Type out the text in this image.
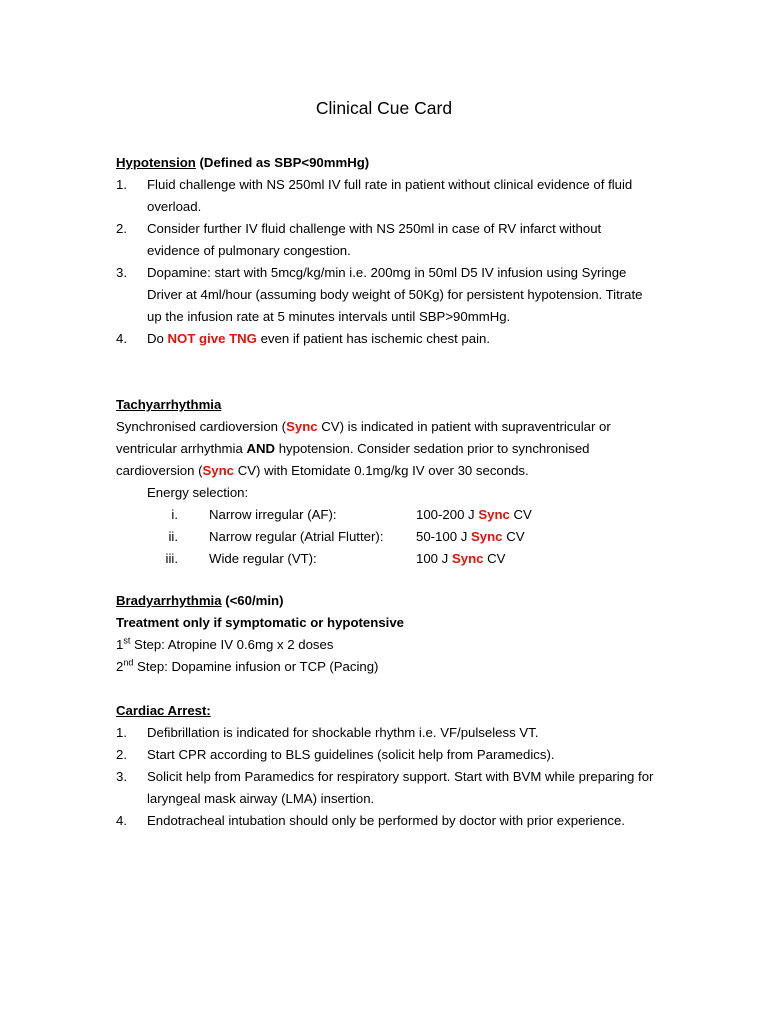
Clinical Cue Card
Hypotension (Defined as SBP<90mmHg)
1. Fluid challenge with NS 250ml IV full rate in patient without clinical evidence of fluid overload.
2. Consider further IV fluid challenge with NS 250ml in case of RV infarct without evidence of pulmonary congestion.
3. Dopamine: start with 5mcg/kg/min i.e. 200mg in 50ml D5 IV infusion using Syringe Driver at 4ml/hour (assuming body weight of 50Kg) for persistent hypotension. Titrate up the infusion rate at 5 minutes intervals until SBP>90mmHg.
4. Do NOT give TNG even if patient has ischemic chest pain.
Tachyarrhythmia
Synchronised cardioversion (Sync CV) is indicated in patient with supraventricular or ventricular arrhythmia AND hypotension. Consider sedation prior to synchronised cardioversion (Sync CV) with Etomidate 0.1mg/kg IV over 30 seconds.
Energy selection:
i. Narrow irregular (AF):	100-200 J Sync CV
ii. Narrow regular (Atrial Flutter): 50-100 J Sync CV
iii. Wide regular (VT):	100 J Sync CV
Bradyarrhythmia (<60/min)
Treatment only if symptomatic or hypotensive
1st Step: Atropine IV 0.6mg x 2 doses
2nd Step: Dopamine infusion or TCP (Pacing)
Cardiac Arrest:
1. Defibrillation is indicated for shockable rhythm i.e. VF/pulseless VT.
2. Start CPR according to BLS guidelines (solicit help from Paramedics).
3. Solicit help from Paramedics for respiratory support. Start with BVM while preparing for laryngeal mask airway (LMA) insertion.
4. Endotracheal intubation should only be performed by doctor with prior experience.
